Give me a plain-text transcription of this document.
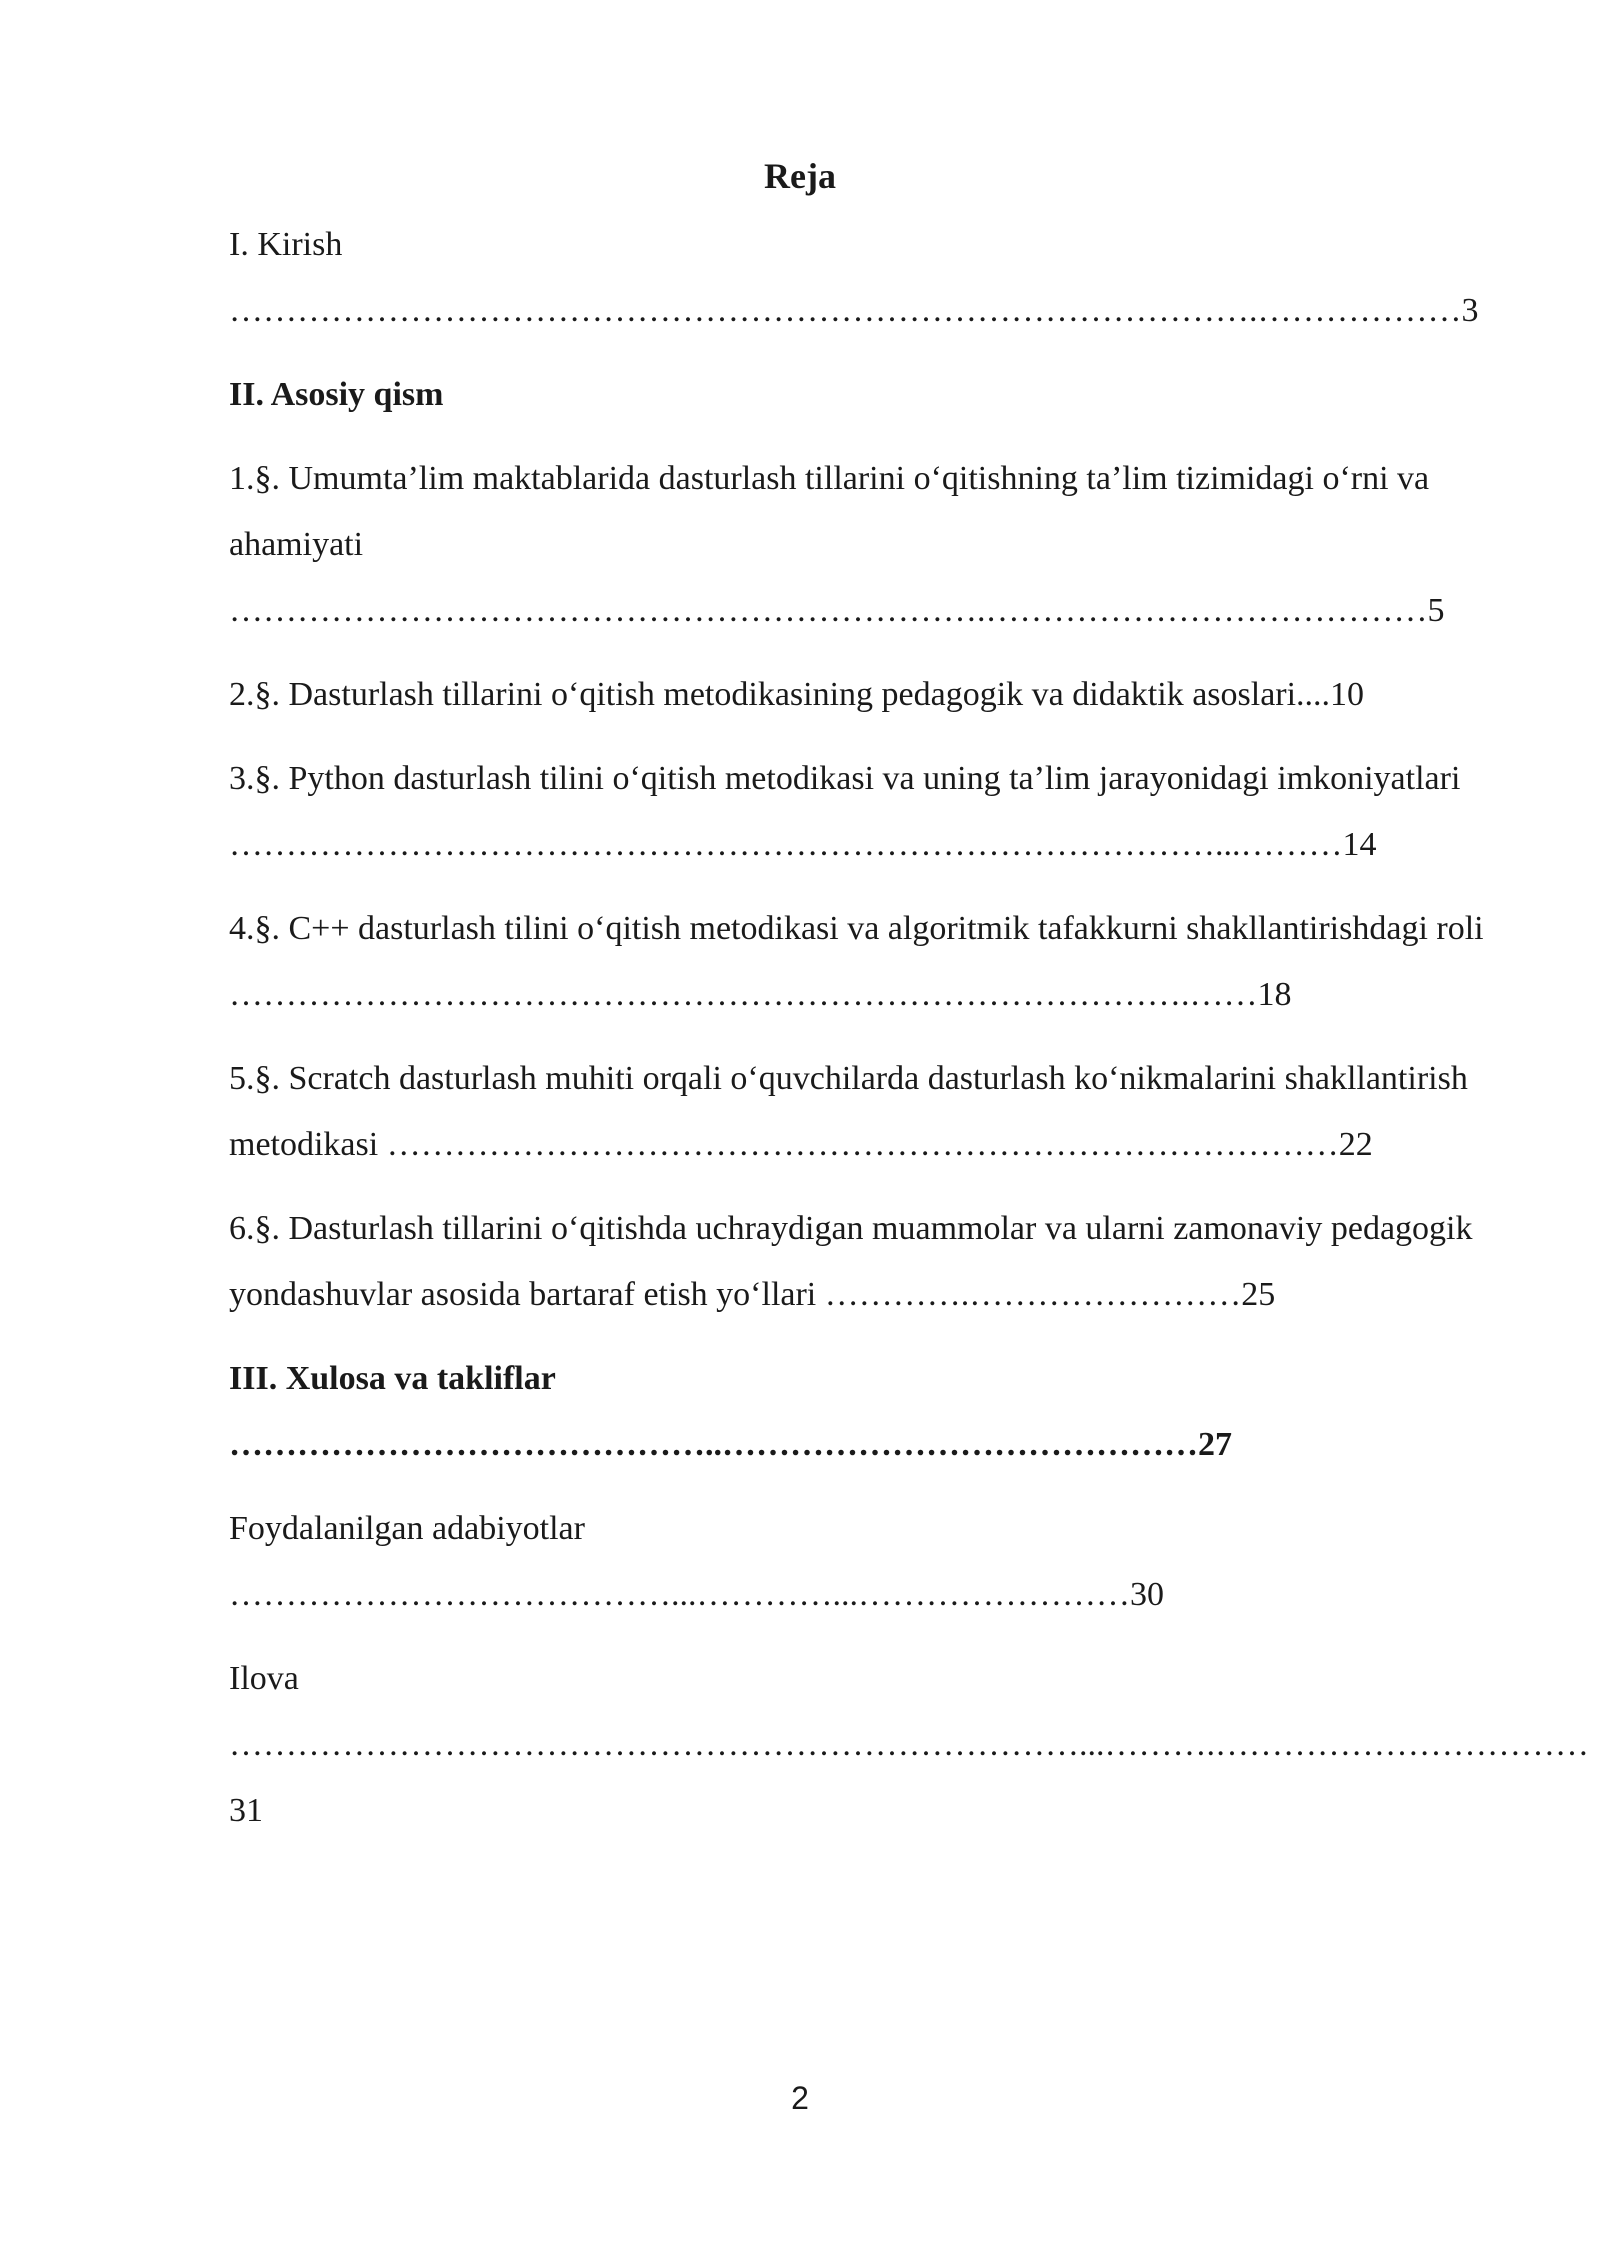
Reja

I. Kirish ……………………………………………………………………………….………………3

II. Asosiy qism

1.§. Umumta’lim maktablarida dasturlash tillarini o‘qitishning ta’lim tizimidagi o‘rni va ahamiyati ………………………………………………………….…………………………………5

2.§. Dasturlash tillarini o‘qitish metodikasining pedagogik va didaktik asoslari....10

3.§. Python dasturlash tilini o‘qitish metodikasi va uning ta’lim jarayonidagi imkoniyatlari ……………………………………………………………………………...………14

4.§. C++ dasturlash tilini o‘qitish metodikasi va algoritmik tafakkurni shakllantirishdagi roli ………………………………………………………………………….……18

5.§. Scratch dasturlash muhiti orqali o‘quvchilarda dasturlash ko‘nikmalarini shakllantirish metodikasi …………………………………………………………………………22

6.§. Dasturlash tillarini o‘qitishda uchraydigan muammolar va ularni zamonaviy pedagogik yondashuvlar asosida bartaraf etish yo‘llari ………….……………………25

III. Xulosa va takliflar ……………………………………..……………………………………27

Foydalanilgan adabiyotlar …………………………………...…………...……………………30

Ilova …………………………………………………………………...……….……………………………31

2
